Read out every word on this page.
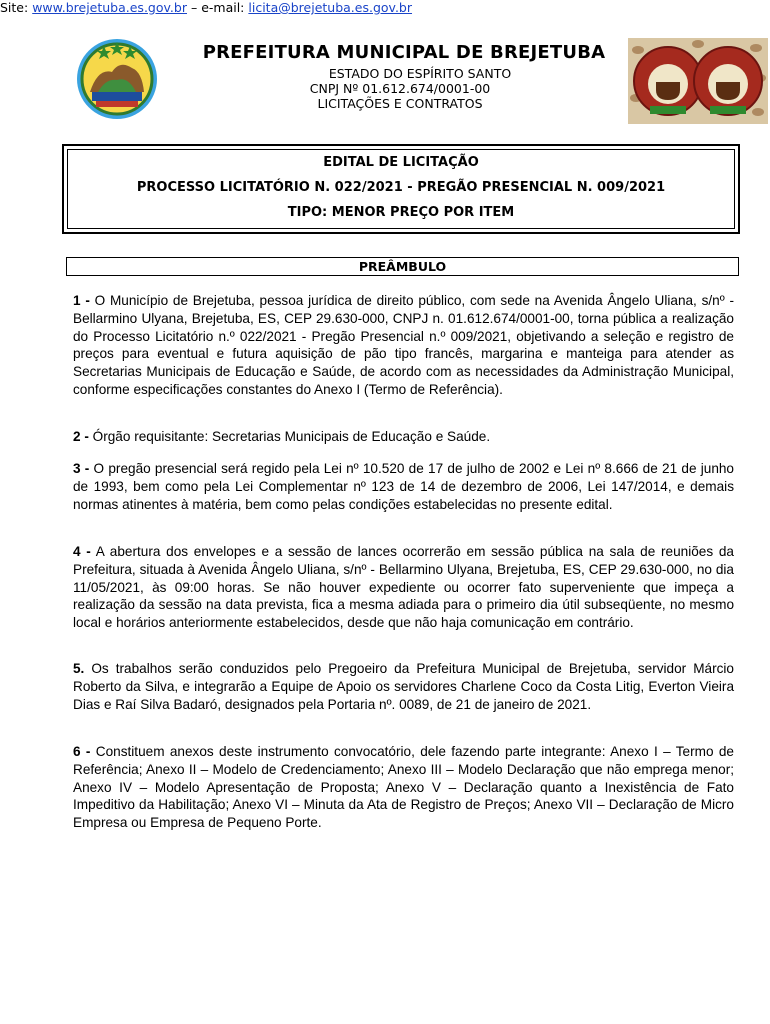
PREFEITURA MUNICIPAL DE BREJETUBA
ESTADO DO ESPÍRITO SANTO
CNPJ Nº 01.612.674/0001-00
LICITAÇÕES E CONTRATOS
Site: www.brejetuba.es.gov.br – e-mail: licita@brejetuba.es.gov.br
EDITAL DE LICITAÇÃO
PROCESSO LICITATÓRIO N. 022/2021 - PREGÃO PRESENCIAL N. 009/2021
TIPO: MENOR PREÇO POR ITEM
PREÂMBULO

1 - O Município de Brejetuba, pessoa jurídica de direito público, com sede na Avenida Ângelo Uliana, s/nº - Bellarmino Ulyana, Brejetuba, ES, CEP 29.630-000, CNPJ n. 01.612.674/0001-00, torna pública a realização do Processo Licitatório n.º 022/2021 - Pregão Presencial n.º 009/2021, objetivando a seleção e registro de preços para eventual e futura aquisição de pão tipo francês, margarina e manteiga para atender as Secretarias Municipais de Educação e Saúde, de acordo com as necessidades da Administração Municipal, conforme especificações constantes do Anexo I (Termo de Referência).

2 - Órgão requisitante: Secretarias Municipais de Educação e Saúde.

3 - O pregão presencial será regido pela Lei nº 10.520 de 17 de julho de 2002 e Lei nº 8.666 de 21 de junho de 1993, bem como pela Lei Complementar nº 123 de 14 de dezembro de 2006, Lei 147/2014, e demais normas atinentes à matéria, bem como pelas condições estabelecidas no presente edital.

4 - A abertura dos envelopes e a sessão de lances ocorrerão em sessão pública na sala de reuniões da Prefeitura, situada à Avenida Ângelo Uliana, s/nº - Bellarmino Ulyana, Brejetuba, ES, CEP 29.630-000, no dia 11/05/2021, às 09:00 horas. Se não houver expediente ou ocorrer fato superveniente que impeça a realização da sessão na data prevista, fica a mesma adiada para o primeiro dia útil subseqüente, no mesmo local e horários anteriormente estabelecidos, desde que não haja comunicação em contrário.

5. Os trabalhos serão conduzidos pelo Pregoeiro da Prefeitura Municipal de Brejetuba, servidor Márcio Roberto da Silva, e integrarão a Equipe de Apoio os servidores Charlene Coco da Costa Litig, Everton Vieira Dias e Raí Silva Badaró, designados pela Portaria nº. 0089, de 21 de janeiro de 2021.

6 - Constituem anexos deste instrumento convocatório, dele fazendo parte integrante: Anexo I – Termo de Referência; Anexo II – Modelo de Credenciamento; Anexo III – Modelo Declaração que não emprega menor; Anexo IV – Modelo Apresentação de Proposta; Anexo V – Declaração quanto a Inexistência de Fato Impeditivo da Habilitação; Anexo VI – Minuta da Ata de Registro de Preços; Anexo VII – Declaração de Micro Empresa ou Empresa de Pequeno Porte.
